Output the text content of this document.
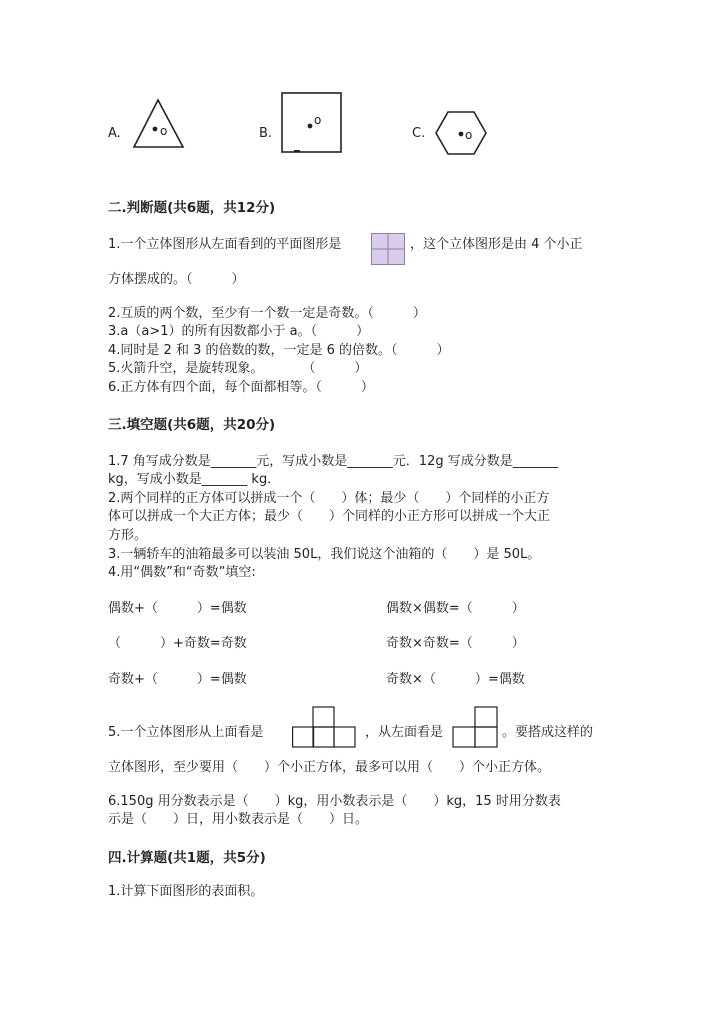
A.	o	B.
o
C.	o
二.判断题(共6题，共12分)
1.一个立体图形从左面看到的平面图形是	，这个立体图形是由 4 个小正
方体摆成的。（　　　）
2.互质的两个数，至少有一个数一定是奇数。（　　　）
3.a（a>1）的所有因数都小于 a。（　　　）
4.同时是 2 和 3 的倍数的数，一定是 6 的倍数。（　　　）
5.火箭升空，是旋转现象。　　　　（　　　）
6.正方体有四个面，每个面都相等。（　　　）
三.填空题(共6题，共20分)
1.7 角写成分数是_______元，写成小数是_______元．12g 写成分数是_______
kg，写成小数是_______ kg．
2.两个同样的正方体可以拼成一个（　　）体；最少（　　）个同样的小正方
体可以拼成一个大正方体；最少（　　）个同样的小正方形可以拼成一个大正
方形。
3.一辆轿车的油箱最多可以装油 50L，我们说这个油箱的（　　）是 50L。
4.用“偶数”和“奇数”填空:
偶数+（　　　）=偶数	偶数×偶数=（　　　）
（　　　）+奇数=奇数	奇数×奇数=（　　　）
奇数+（　　　）=偶数	奇数×（　　　）=偶数
5.一个立体图形从上面看是	，从左面看是	。要搭成这样的
立体图形，至少要用（　　）个小正方体，最多可以用（　　）个小正方体。
6.150g 用分数表示是（　　）kg，用小数表示是（　　）kg，15 时用分数表
示是（　　）日，用小数表示是（　　）日。
四.计算题(共1题，共5分)
1.计算下面图形的表面积。
